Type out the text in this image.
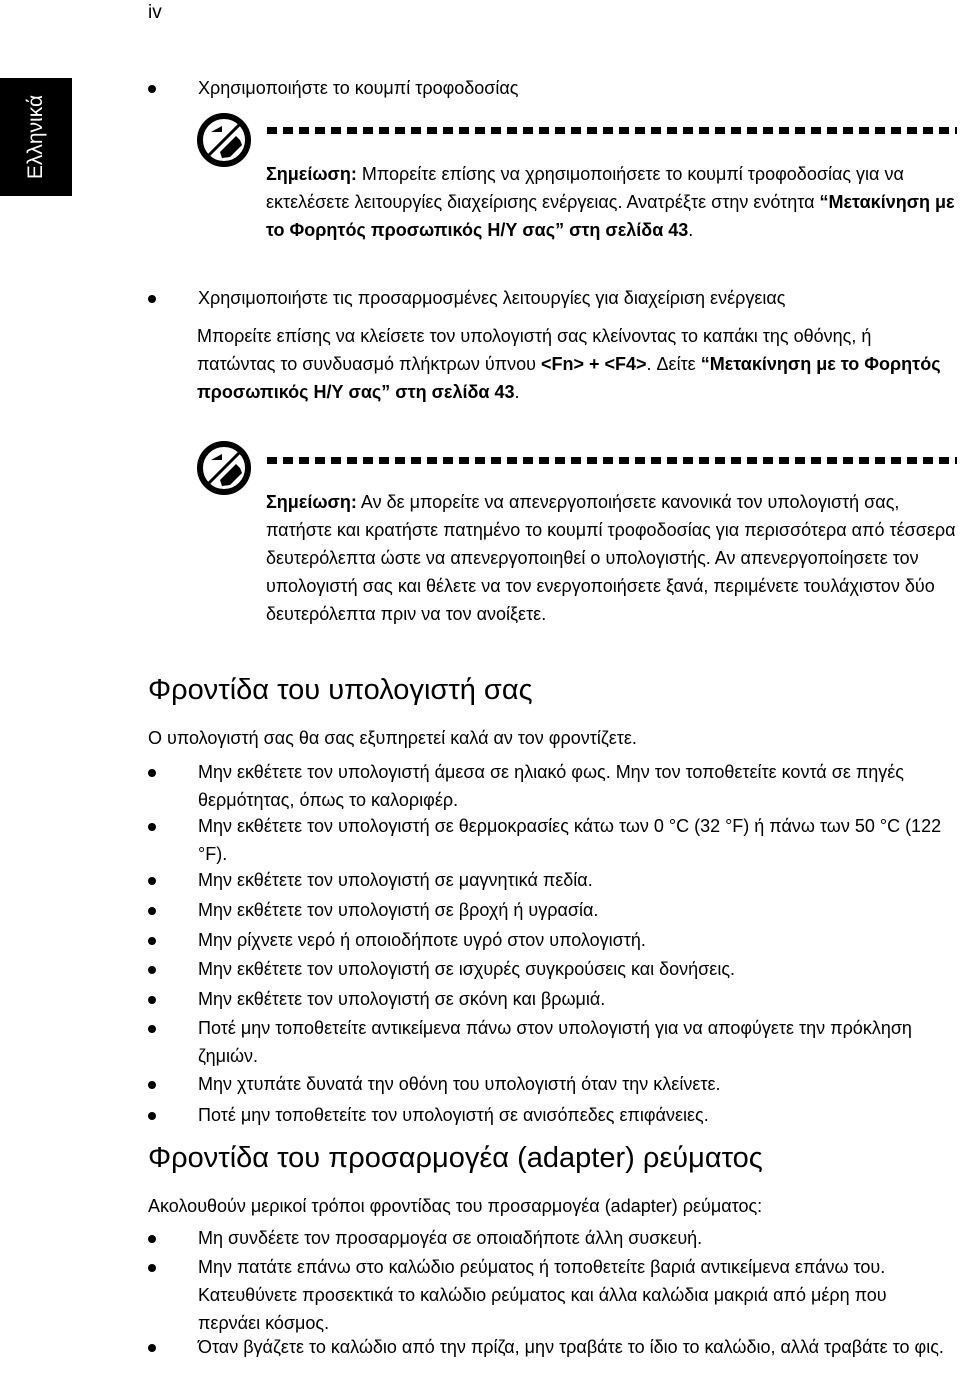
iv
Ελληνικά
Χρησιμοποιήστε το κουμπί τροφοδοσίας
Σημείωση: Μπορείτε επίσης να χρησιμοποιήσετε το κουμπί τροφοδοσίας για να εκτελέσετε λειτουργίες διαχείρισης ενέργειας. Ανατρέξτε στην ενότητα “Μετακίνηση με το Φορητός προσωπικός Η/Υ σας” στη σελίδα 43.
Χρησιμοποιήστε τις προσαρμοσμένες λειτουργίες για διαχείριση ενέργειας
Μπορείτε επίσης να κλείσετε τον υπολογιστή σας κλείνοντας το καπάκι της οθόνης, ή πατώντας το συνδυασμό πλήκτρων ύπνου <Fn> + <F4>. Δείτε “Μετακίνηση με το Φορητός προσωπικός Η/Υ σας” στη σελίδα 43.
Σημείωση: Αν δε μπορείτε να απενεργοποιήσετε κανονικά τον υπολογιστή σας, πατήστε και κρατήστε πατημένο το κουμπί τροφοδοσίας για περισσότερα από τέσσερα δευτερόλεπτα ώστε να απενεργοποιηθεί ο υπολογιστής. Αν απενεργοποίησετε τον υπολογιστή σας και θέλετε να τον ενεργοποιήσετε ξανά, περιμένετε τουλάχιστον δύο δευτερόλεπτα πριν να τον ανοίξετε.
Φροντίδα του υπολογιστή σας
Ο υπολογιστή σας θα σας εξυπηρετεί καλά αν τον φροντίζετε.
Μην εκθέτετε τον υπολογιστή άμεσα σε ηλιακό φως. Μην τον τοποθετείτε κοντά σε πηγές θερμότητας, όπως το καλοριφέρ.
Μην εκθέτετε τον υπολογιστή σε θερμοκρασίες κάτω των 0 °C (32 °F) ή πάνω των 50 °C (122 °F).
Μην εκθέτετε τον υπολογιστή σε μαγνητικά πεδία.
Μην εκθέτετε τον υπολογιστή σε βροχή ή υγρασία.
Μην ρίχνετε νερό ή οποιοδήποτε υγρό στον υπολογιστή.
Μην εκθέτετε τον υπολογιστή σε ισχυρές συγκρούσεις και δονήσεις.
Μην εκθέτετε τον υπολογιστή σε σκόνη και βρωμιά.
Ποτέ μην τοποθετείτε αντικείμενα πάνω στον υπολογιστή για να αποφύγετε την πρόκληση ζημιών.
Μην χτυπάτε δυνατά την οθόνη του υπολογιστή όταν την κλείνετε.
Ποτέ μην τοποθετείτε τον υπολογιστή σε ανισόπεδες επιφάνειες.
Φροντίδα του προσαρμογέα (adapter) ρεύματος
Ακολουθούν μερικοί τρόποι φροντίδας του προσαρμογέα (adapter) ρεύματος:
Μη συνδέετε τον προσαρμογέα σε οποιαδήποτε άλλη συσκευή.
Μην πατάτε επάνω στο καλώδιο ρεύματος ή τοποθετείτε βαριά αντικείμενα επάνω του. Κατευθύνετε προσεκτικά το καλώδιο ρεύματος και άλλα καλώδια μακριά από μέρη που περνάει κόσμος.
Όταν βγάζετε το καλώδιο από την πρίζα, μην τραβάτε το ίδιο το καλώδιο, αλλά τραβάτε το φις.
